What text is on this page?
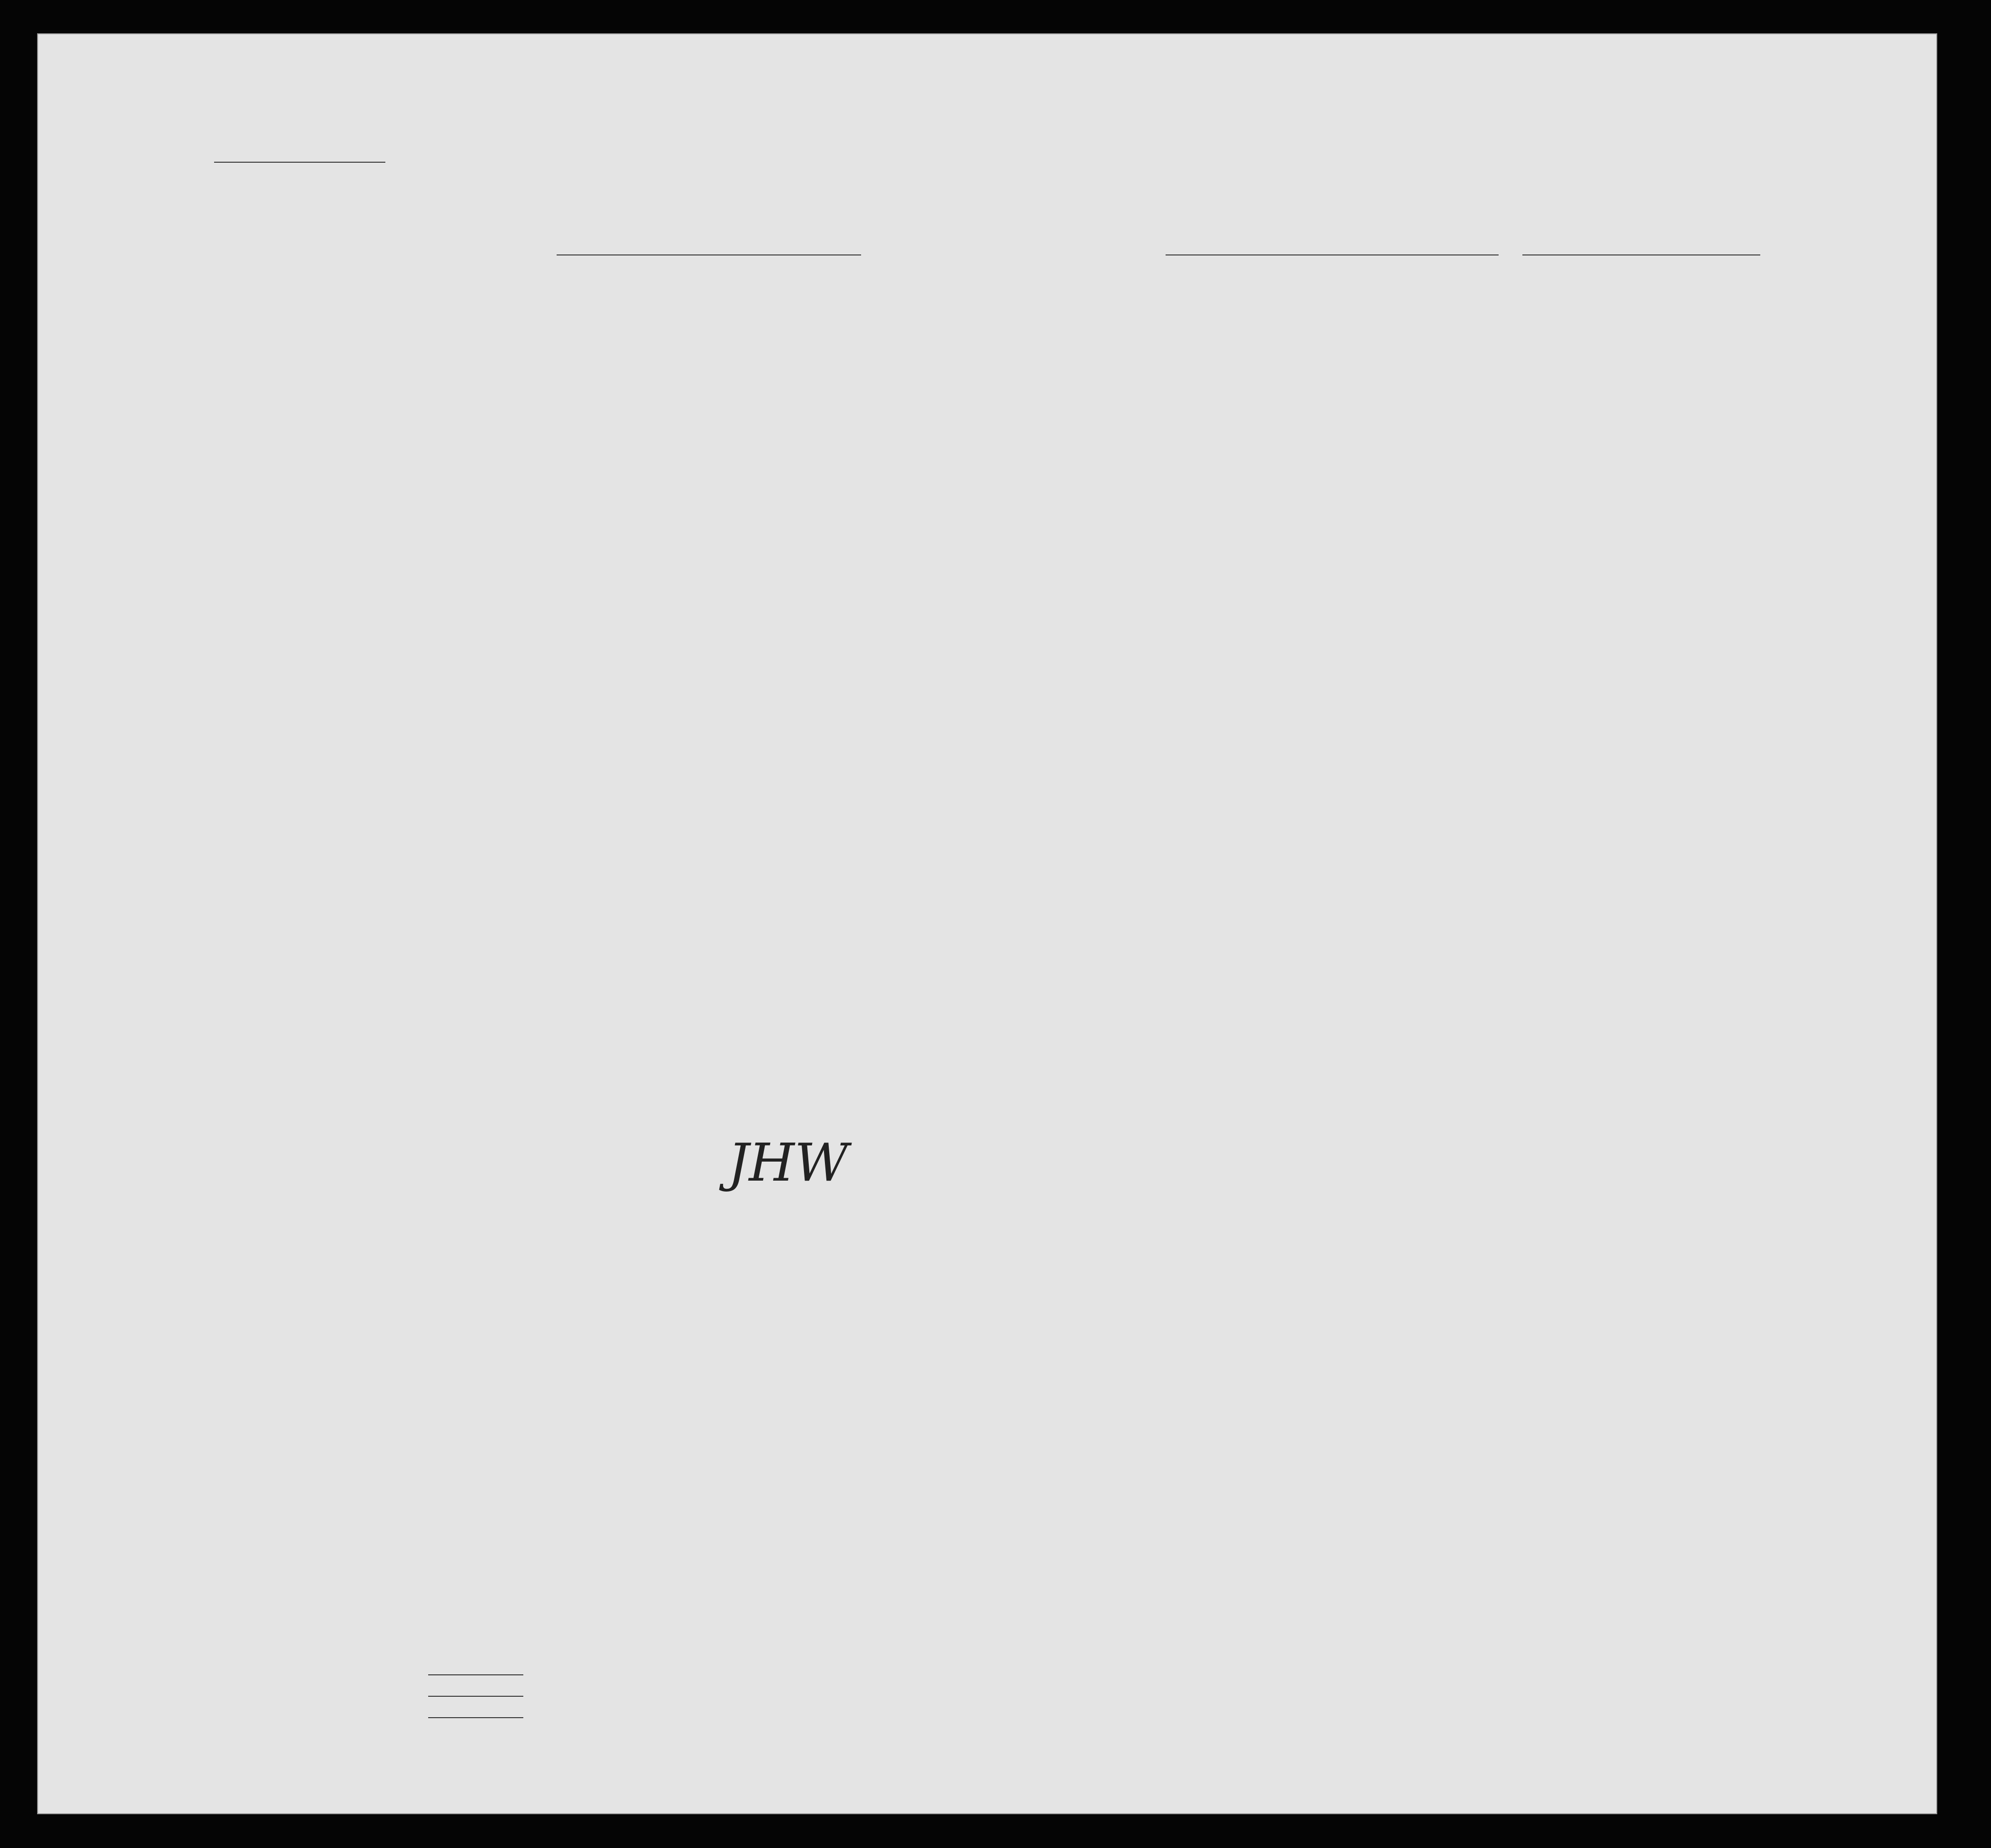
JHW
